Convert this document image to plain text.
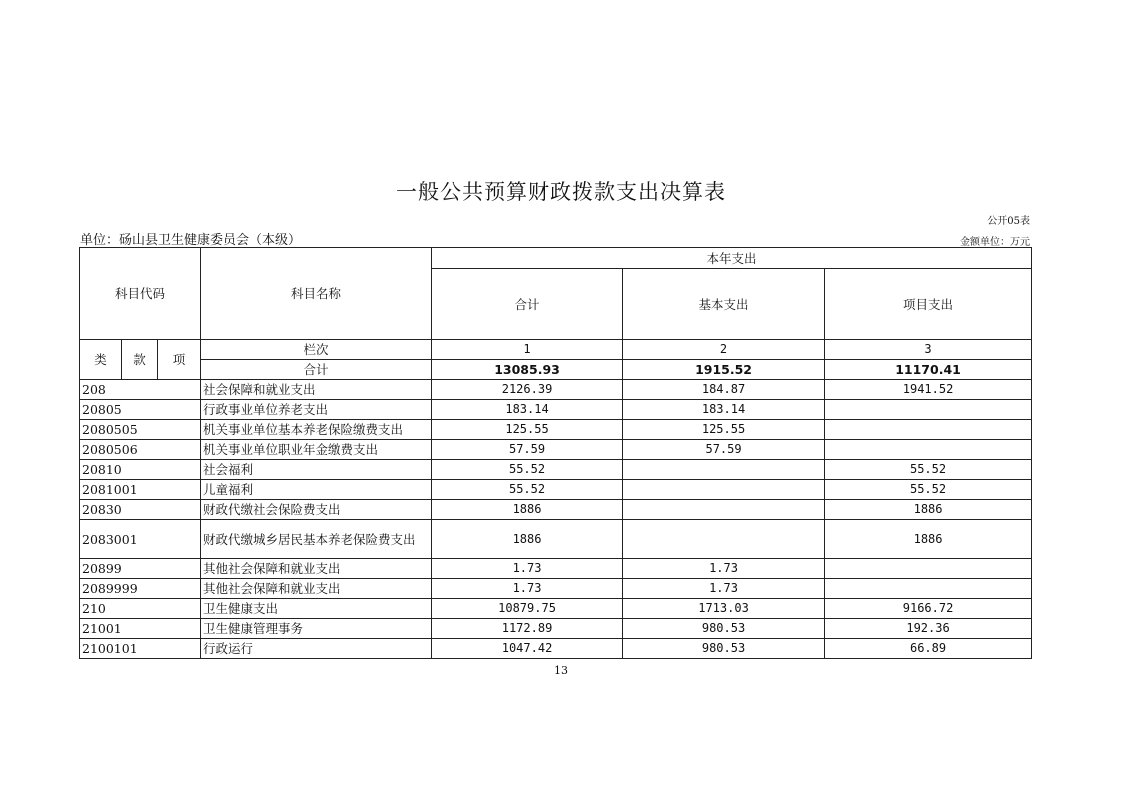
一般公共预算财政拨款支出决算表
公开05表
单位：砀山县卫生健康委员会（本级）	金额单位：万元
科目代码			科目名称	本年支出		
				合计	基本支出	项目支出
类	款	项	栏次	1	2	3
			合计	13085.93	1915.52	11170.41
208			社会保障和就业支出	2126.39	184.87	1941.52
20805			行政事业单位养老支出	183.14	183.14	
2080505			机关事业单位基本养老保险缴费支出	125.55	125.55	
2080506			机关事业单位职业年金缴费支出	57.59	57.59	
20810			社会福利	55.52		55.52
2081001			儿童福利	55.52		55.52
20830			财政代缴社会保险费支出	1886		1886
2083001			财政代缴城乡居民基本养老保险费支出	1886		1886
20899			其他社会保障和就业支出	1.73	1.73	
2089999			其他社会保障和就业支出	1.73	1.73	
210			卫生健康支出	10879.75	1713.03	9166.72
21001			卫生健康管理事务	1172.89	980.53	192.36
2100101			行政运行	1047.42	980.53	66.89
13
